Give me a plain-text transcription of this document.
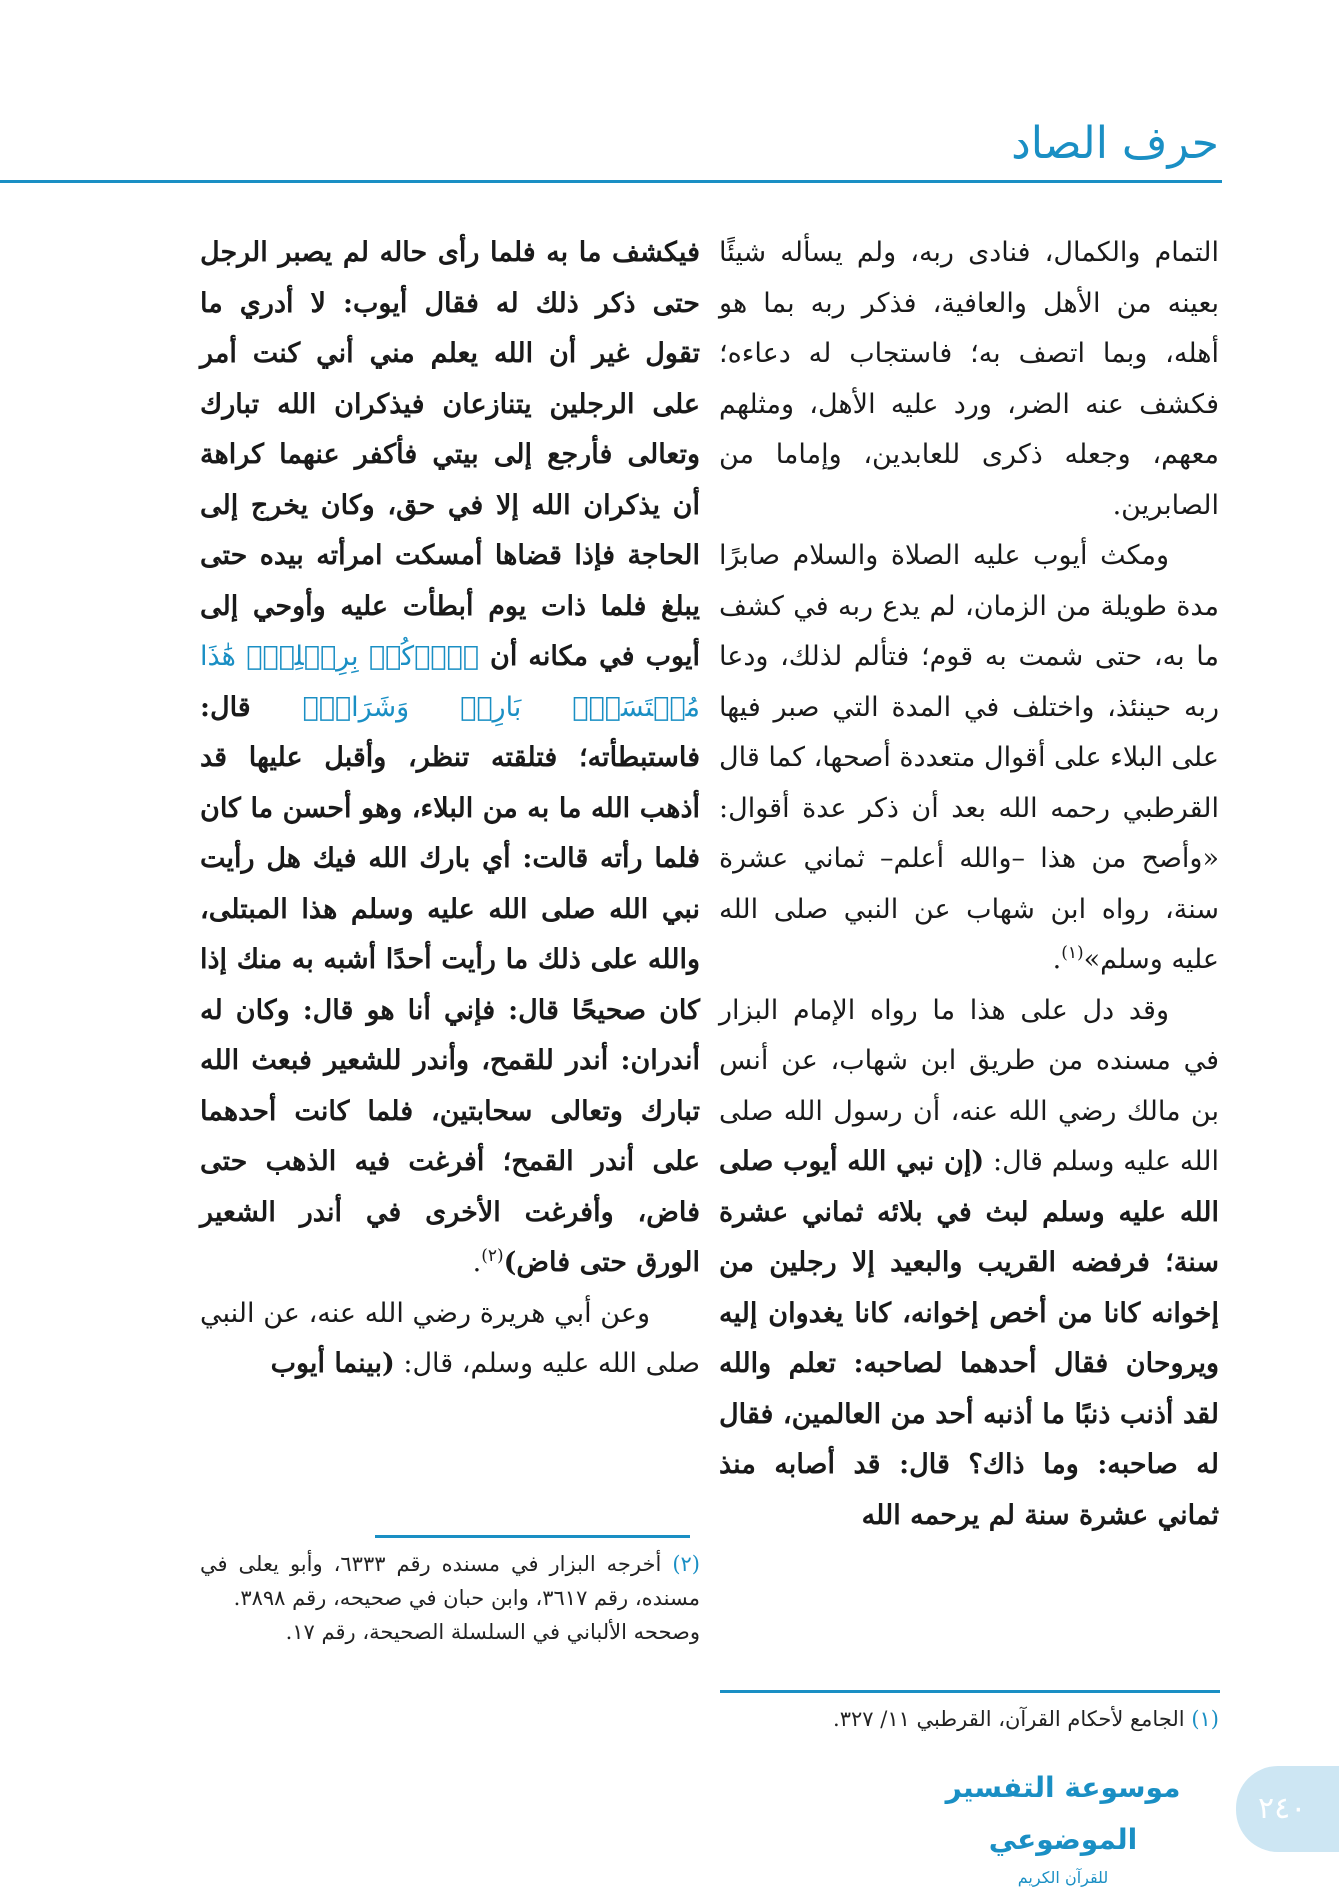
حرف الصاد

التمام والكمال، فنادى ربه، ولم يسأله شيئًا بعينه من الأهل والعافية، فذكر ربه بما هو أهله، وبما اتصف به؛ فاستجاب له دعاءه؛ فكشف عنه الضر، ورد عليه الأهل، ومثلهم معهم، وجعله ذكرى للعابدين، وإماما من الصابرين.

ومكث أيوب عليه الصلاة والسلام صابرًا مدة طويلة من الزمان، لم يدع ربه في كشف ما به، حتى شمت به قوم؛ فتألم لذلك، ودعا ربه حينئذ، واختلف في المدة التي صبر فيها على البلاء على أقوال متعددة أصحها، كما قال القرطبي رحمه الله بعد أن ذكر عدة أقوال: «وأصح من هذا –والله أعلم– ثماني عشرة سنة، رواه ابن شهاب عن النبي صلى الله عليه وسلم»$^{(١)}$.

وقد دل على هذا ما رواه الإمام البزار في مسنده من طريق ابن شهاب، عن أنس بن مالك رضي الله عنه، أن رسول الله صلى الله عليه وسلم قال: (إن نبي الله أيوب صلى الله عليه وسلم لبث في بلائه ثماني عشرة سنة؛ فرفضه القريب والبعيد إلا رجلين من إخوانه كانا من أخص إخوانه، كانا يغدوان إليه ويروحان فقال أحدهما لصاحبه: تعلم والله لقد أذنب ذنبًا ما أذنبه أحد من العالمين، فقال له صاحبه: وما ذاك؟ قال: قد أصابه منذ ثماني عشرة سنة لم يرحمه الله

فيكشف ما به فلما رأى حاله لم يصبر الرجل حتى ذكر ذلك له فقال أيوب: لا أدري ما تقول غير أن الله يعلم مني أني كنت أمر على الرجلين يتنازعان فيذكران الله تبارك وتعالى فأرجع إلى بيتي فأكفر عنهما كراهة أن يذكران الله إلا في حق، وكان يخرج إلى الحاجة فإذا قضاها أمسكت امرأته بيده حتى يبلغ فلما ذات يوم أبطأت عليه وأوحي إلى أيوب في مكانه أن ﴿ٱرۡكُضۡ بِرِجۡلِكَۖ هَٰذَا مُغۡتَسَلُۢ بَارِدٞ وَشَرَابٞ﴾ قال: فاستبطأته؛ فتلقته تنظر، وأقبل عليها قد أذهب الله ما به من البلاء، وهو أحسن ما كان فلما رأته قالت: أي بارك الله فيك هل رأيت نبي الله صلى الله عليه وسلم هذا المبتلى، والله على ذلك ما رأيت أحدًا أشبه به منك إذا كان صحيحًا قال: فإني أنا هو قال: وكان له أندران: أندر للقمح، وأندر للشعير فبعث الله تبارك وتعالى سحابتين، فلما كانت أحدهما على أندر القمح؛ أفرغت فيه الذهب حتى فاض، وأفرغت الأخرى في أندر الشعير الورق حتى فاض)$^{(٢)}$.

وعن أبي هريرة رضي الله عنه، عن النبي صلى الله عليه وسلم، قال: (بينما أيوب

(١) الجامع لأحكام القرآن، القرطبي ١١/ ٣٢٧.

(٢) أخرجه البزار في مسنده رقم ٦٣٣٣، وأبو يعلى في مسنده، رقم ٣٦١٧، وابن حبان في صحيحه، رقم ٣٨٩٨.

وصححه الألباني في السلسلة الصحيحة، رقم ١٧.

موسوعة التفسير الموضوعي
للقرآن الكريم
٢٤٠
